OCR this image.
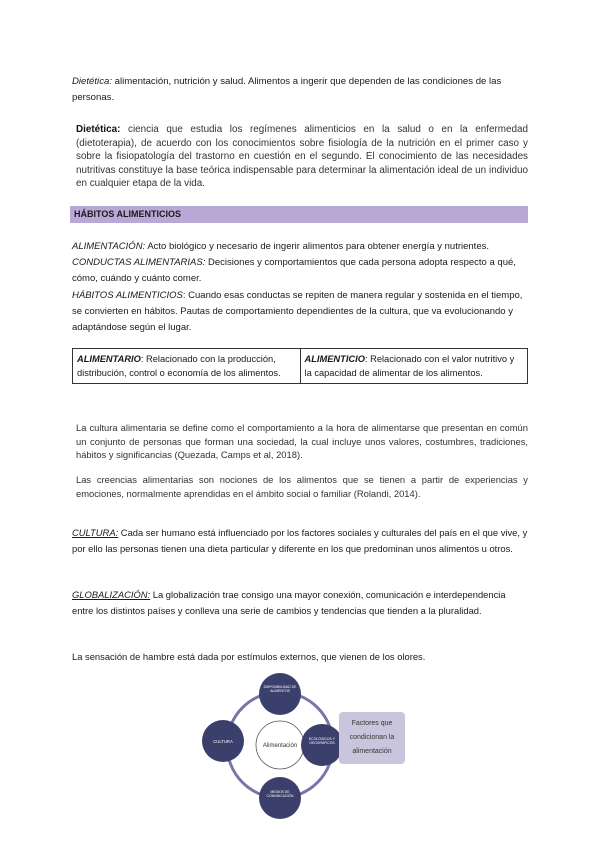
Dietética: alimentación, nutrición y salud. Alimentos a ingerir que dependen de las condiciones de las
personas.
Dietética: ciencia que estudia los regímenes alimenticios en la salud o en la enfermedad (dietoterapia), de acuerdo con los conocimientos sobre fisiología de la nutrición en el primer caso y sobre la fisiopatología del trastorno en cuestión en el segundo. El conocimiento de las necesidades nutritivas constituye la base teórica indispensable para determinar la alimentación ideal de un individuo en cualquier etapa de la vida.
HÁBITOS ALIMENTICIOS
ALIMENTACIÓN: Acto biológico y necesario de ingerir alimentos para obtener energía y nutrientes.
CONDUCTAS ALIMENTARIAS: Decisiones y comportamientos que cada persona adopta respecto a qué, cómo, cuándo y cuánto comer.
HÁBITOS ALIMENTICIOS: Cuando esas conductas se repiten de manera regular y sostenida en el tiempo, se convierten en hábitos. Pautas de comportamiento dependientes de la cultura, que va evolucionando y adaptándose según el lugar.
ALIMENTARIO: Relacionado con la producción, distribución, control o economía de los alimentos.	ALIMENTICIO: Relacionado con el valor nutritivo y la capacidad de alimentar de los alimentos.
La cultura alimentaria se define como el comportamiento a la hora de alimentarse que presentan en común un conjunto de personas que forman una sociedad, la cual incluye unos valores, costumbres, tradiciones, hábitos y significancias (Quezada, Camps et al, 2018).
Las creencias alimentarias son nociones de los alimentos que se tienen a partir de experiencias y emociones, normalmente aprendidas en el ámbito social o familiar (Rolandi, 2014).
CULTURA: Cada ser humano está influenciado por los factores sociales y culturales del país en el que vive, y por ello las personas tienen una dieta particular y diferente en los que predominan unos alimentos u otros.
GLOBALIZACIÓN: La globalización trae consigo una mayor conexión, comunicación e interdependencia entre los distintos países y conlleva una serie de cambios y tendencias que tienden a la pluralidad.
La sensación de hambre está dada por estímulos externos, que vienen de los olores.
Alimentación
DISPONIBILIDAD DE ALIMENTOS
ECOLÓGICOS Y GEOGRÁFICOS
MEDIOS DE COMUNICACIÓN
CULTURA
Factores que
condicionan la
alimentación
